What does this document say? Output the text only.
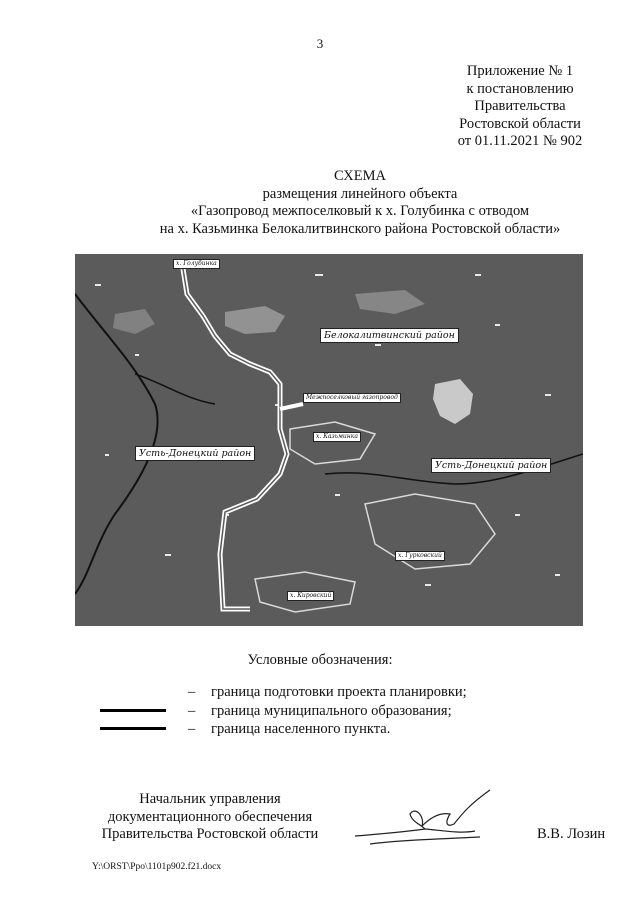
3
Приложение № 1
к постановлению
Правительства
Ростовской области
от 01.11.2021 № 902
СХЕМА
размещения линейного объекта
«Газопровод межпоселковый к х. Голубинка с отводом
на х. Казьминка Белокалитвинского района Ростовской области»
х. Голубинка
Белокалитвинский район
Межпоселковый газопровод
х. Казьминка
Усть-Донецкий район
Усть-Донецкий район
х. Гурковский
х. Кировский
Условные обозначения:
– граница подготовки проекта планировки;
– граница муниципального образования;
– граница населенного пункта.
Начальник управления
документационного обеспечения
Правительства Ростовской области	В.В. Лозин
Y:\ORST\Ppo\1101p902.f21.docx
